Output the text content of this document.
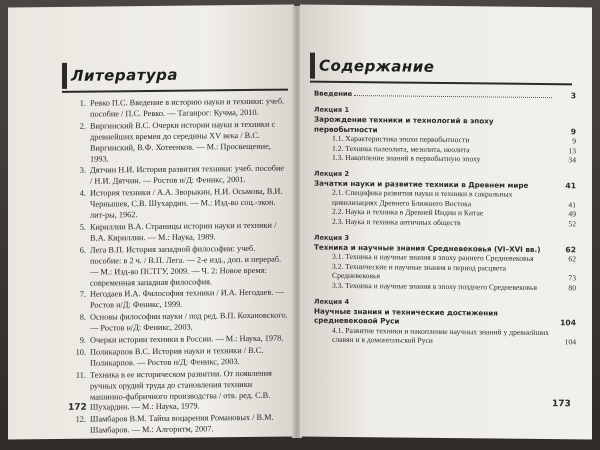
Литература
1. Ревко П.С. Введение в историю науки и техники: учеб. пособие / П.С. Ревко. — Таганрог: Кучма, 2010.
2. Виргинский В.С. Очерки истории науки и техники с древнейших времен до середины XV века / В.С. Виргинский, В.Ф. Хотеенков. — М.: Просвещение, 1993.
3. Дятчин Н.И. История развития техники: учеб. пособие / Н.И. Дятчин. — Ростов н/Д: Феникс, 2001.
4. История техники / А.А. Зворыкин, Н.И. Осьмова, В.И. Чернышев, С.В. Шухардин. — М.: Изд-во соц.-экон. лит-ры, 1962.
5. Кириллин В.А. Страницы истории науки и техники / В.А. Кириллин. — М.: Наука, 1989.
6. Лега В.П. История западной философии: учеб. пособие: в 2 ч. / В.П. Лега. — 2-е изд., доп. и перераб. — М.: Изд-во ПСТГУ, 2009. — Ч. 2: Новое время: современная западная философия.
7. Негодаев И.А. Философия техники / И.А. Негодаев. — Ростов н/Д: Феникс, 1999.
8. Основы философии науки / под ред. В.П. Кохановского. — Ростов н/Д: Феникс, 2003.
9. Очерки истории техники в России. — М.: Наука, 1978.
10. Поликарпов В.С. История науки и техники / В.С. Поликарпов. — Ростов н/Д: Феникс, 2003.
11. Техника в ее историческом развитии. От появления ручных орудий труда до становления техники машинно-фабричного производства / отв. ред. С.В. Шухардин. — М.: Наука, 1979.
12. Шамбаров В.М. Тайна воцарения Романовых / В.М. Шамбаров. — М.: Алгоритм, 2007.
172
Содержание
Введение	3
Лекция 1
Зарождение техники и технологий в эпоху первобытности	9
1.1. Характеристика эпохи первобытности	9
1.2. Техника палеолита, мезолита, неолита	13
1.3. Накопление знаний в первобытную эпоху	34
Лекция 2
Зачатки науки и развитие техники в Древнем мире	41
2.1. Специфика развития науки и техники в сакральных цивилизациях Древнего Ближнего Востока	41
2.2. Наука и техника в Древней Индии и Китае	49
2.3. Наука и техника античных обществ	52
Лекция 3
Техника и научные знания Средневековья (VI–XVI вв.)	62
3.1. Техника и научные знания в эпоху раннего Средневековья	62
3.2. Технические и научные знания в период расцвета Средневековья	73
3.3. Техника и научные знания в эпоху позднего Средневековья	80
Лекция 4
Научные знания и технические достижения средневековой Руси	104
4.1. Развитие техники и накопление научных знаний у древнейших славян и в домонгольской Руси	104
173
